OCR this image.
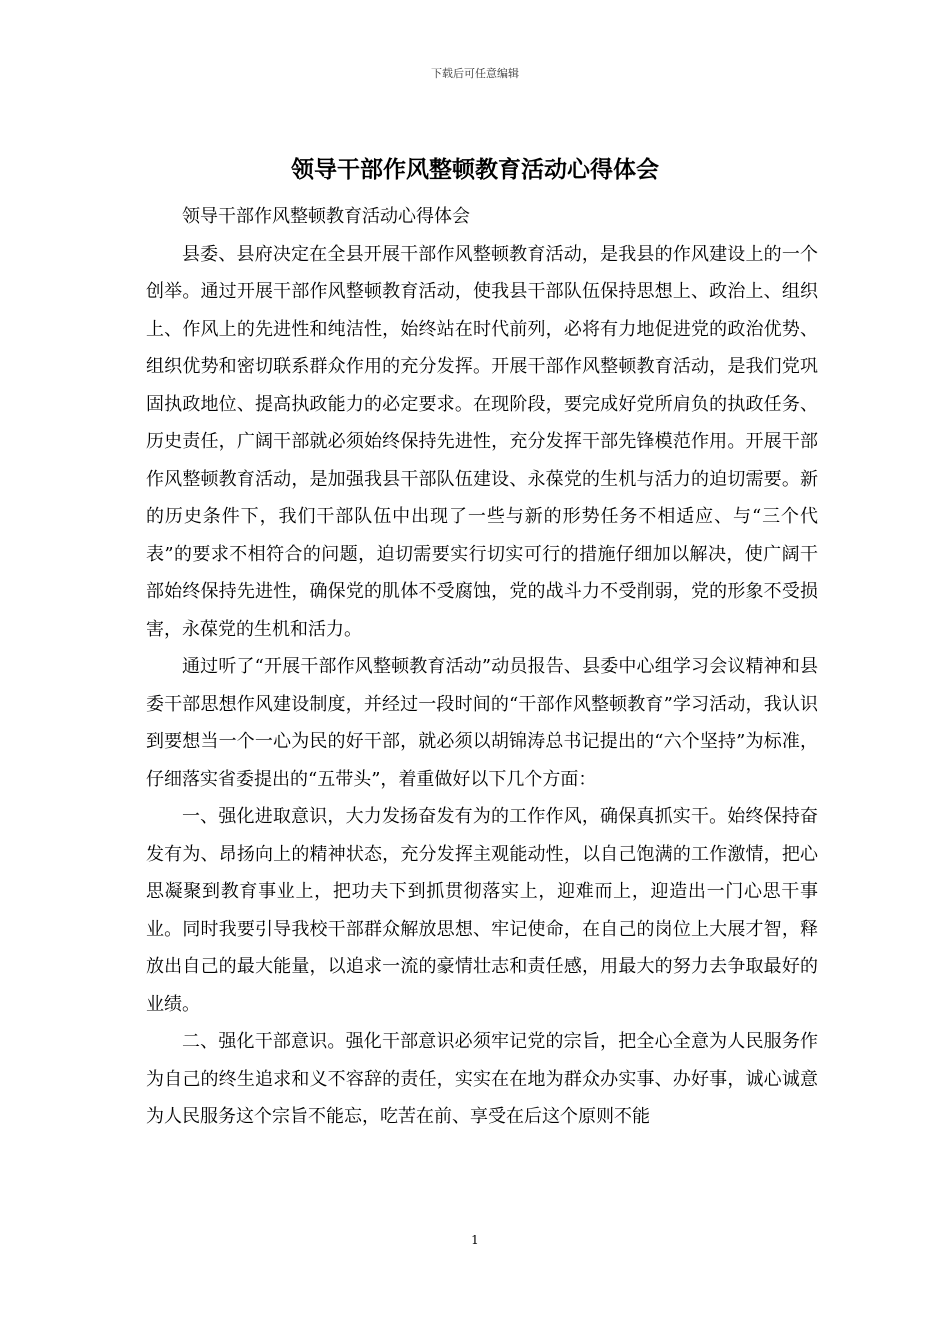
下载后可任意编辑
领导干部作风整顿教育活动心得体会

领导干部作风整顿教育活动心得体会

县委、县府决定在全县开展干部作风整顿教育活动，是我县的作风建设上的一个创举。通过开展干部作风整顿教育活动，使我县干部队伍保持思想上、政治上、组织上、作风上的先进性和纯洁性，始终站在时代前列，必将有力地促进党的政治优势、组织优势和密切联系群众作用的充分发挥。开展干部作风整顿教育活动，是我们党巩固执政地位、提高执政能力的必定要求。在现阶段，要完成好党所肩负的执政任务、历史责任，广阔干部就必须始终保持先进性，充分发挥干部先锋模范作用。开展干部作风整顿教育活动，是加强我县干部队伍建设、永葆党的生机与活力的迫切需要。新的历史条件下，我们干部队伍中出现了一些与新的形势任务不相适应、与“三个代表”的要求不相符合的问题，迫切需要实行切实可行的措施仔细加以解决，使广阔干部始终保持先进性，确保党的肌体不受腐蚀，党的战斗力不受削弱，党的形象不受损害，永葆党的生机和活力。

通过听了“开展干部作风整顿教育活动”动员报告、县委中心组学习会议精神和县委干部思想作风建设制度，并经过一段时间的“干部作风整顿教育”学习活动，我认识到要想当一个一心为民的好干部，就必须以胡锦涛总书记提出的“六个坚持”为标准，仔细落实省委提出的“五带头”，着重做好以下几个方面：

一、强化进取意识，大力发扬奋发有为的工作作风，确保真抓实干。始终保持奋发有为、昂扬向上的精神状态，充分发挥主观能动性，以自己饱满的工作激情，把心思凝聚到教育事业上，把功夫下到抓贯彻落实上，迎难而上，迎造出一门心思干事业。同时我要引导我校干部群众解放思想、牢记使命，在自己的岗位上大展才智，释放出自己的最大能量，以追求一流的豪情壮志和责任感，用最大的努力去争取最好的业绩。

二、强化干部意识。强化干部意识必须牢记党的宗旨，把全心全意为人民服务作为自己的终生追求和义不容辞的责任，实实在在地为群众办实事、办好事，诚心诚意为人民服务这个宗旨不能忘，吃苦在前、享受在后这个原则不能

1
